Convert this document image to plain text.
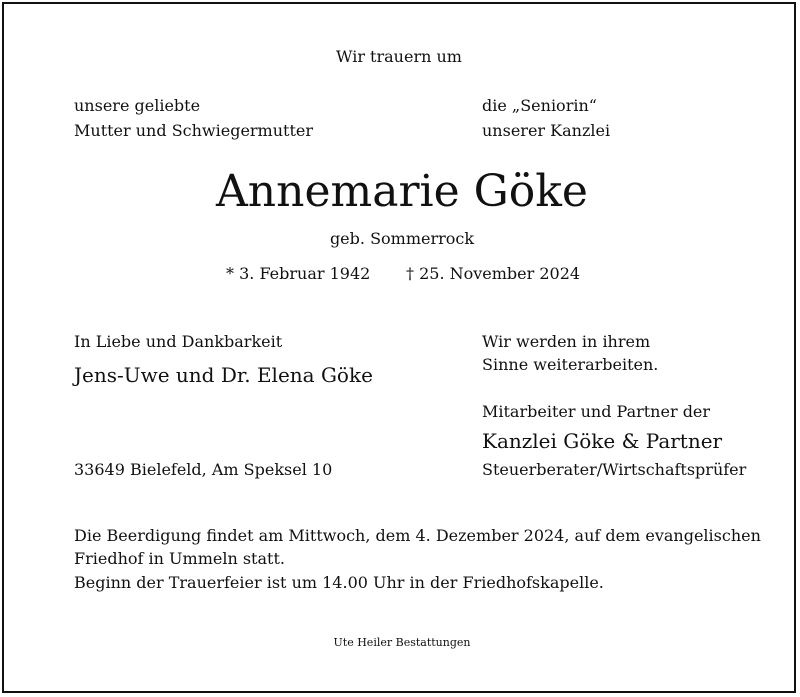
Wir trauern um
unsere geliebte
Mutter und Schwiegermutter
die „Seniorin“
unserer Kanzlei
Annemarie Göke
geb. Sommerrock
* 3. Februar 1942 † 25. November 2024
In Liebe und Dankbarkeit
Jens-Uwe und Dr. Elena Göke
33649 Bielefeld, Am Speksel 10
Wir werden in ihrem
Sinne weiterarbeiten.
Mitarbeiter und Partner der
Kanzlei Göke & Partner
Steuerberater/Wirtschaftsprüfer
Die Beerdigung findet am Mittwoch, dem 4. Dezember 2024, auf dem evangelischen
Friedhof in Ummeln statt.
Beginn der Trauerfeier ist um 14.00 Uhr in der Friedhofskapelle.
Ute Heiler Bestattungen
